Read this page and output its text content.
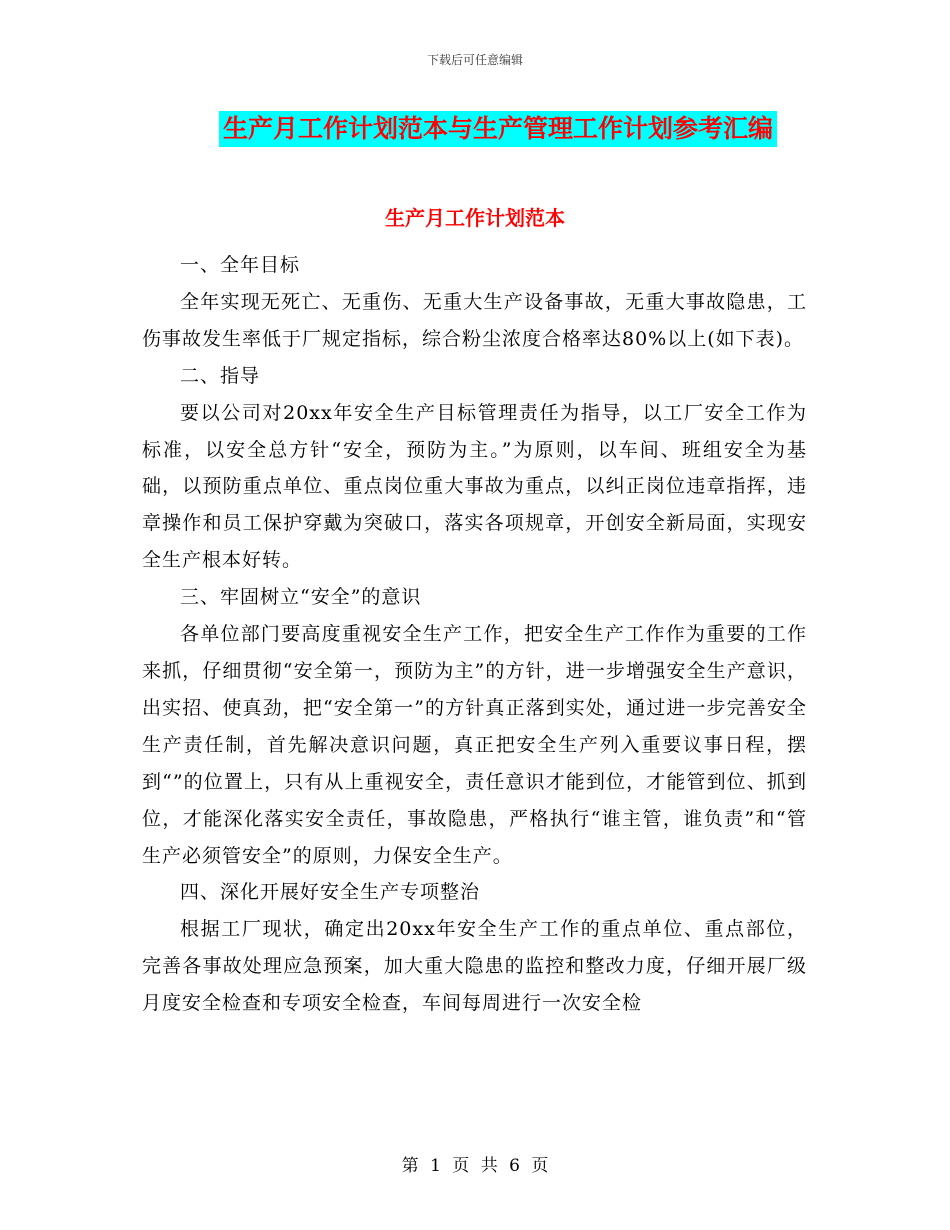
下载后可任意编辑
生产月工作计划范本与生产管理工作计划参考汇编
生产月工作计划范本

一、全年目标

全年实现无死亡、无重伤、无重大生产设备事故，无重大事故隐患，工伤事故发生率低于厂规定指标，综合粉尘浓度合格率达80%以上(如下表)。

二、指导

要以公司对20xx年安全生产目标管理责任为指导，以工厂安全工作为标准，以安全总方针“安全，预防为主。”为原则，以车间、班组安全为基础，以预防重点单位、重点岗位重大事故为重点，以纠正岗位违章指挥，违章操作和员工保护穿戴为突破口，落实各项规章，开创安全新局面，实现安全生产根本好转。

三、牢固树立“安全”的意识

各单位部门要高度重视安全生产工作，把安全生产工作作为重要的工作来抓，仔细贯彻“安全第一，预防为主”的方针，进一步增强安全生产意识，出实招、使真劲，把“安全第一”的方针真正落到实处，通过进一步完善安全生产责任制，首先解决意识问题，真正把安全生产列入重要议事日程，摆到“”的位置上，只有从上重视安全，责任意识才能到位，才能管到位、抓到位，才能深化落实安全责任，事故隐患，严格执行“谁主管，谁负责”和“管生产必须管安全”的原则，力保安全生产。

四、深化开展好安全生产专项整治

根据工厂现状，确定出20xx年安全生产工作的重点单位、重点部位，完善各事故处理应急预案，加大重大隐患的监控和整改力度，仔细开展厂级月度安全检查和专项安全检查，车间每周进行一次安全检

第 1 页 共 6 页
